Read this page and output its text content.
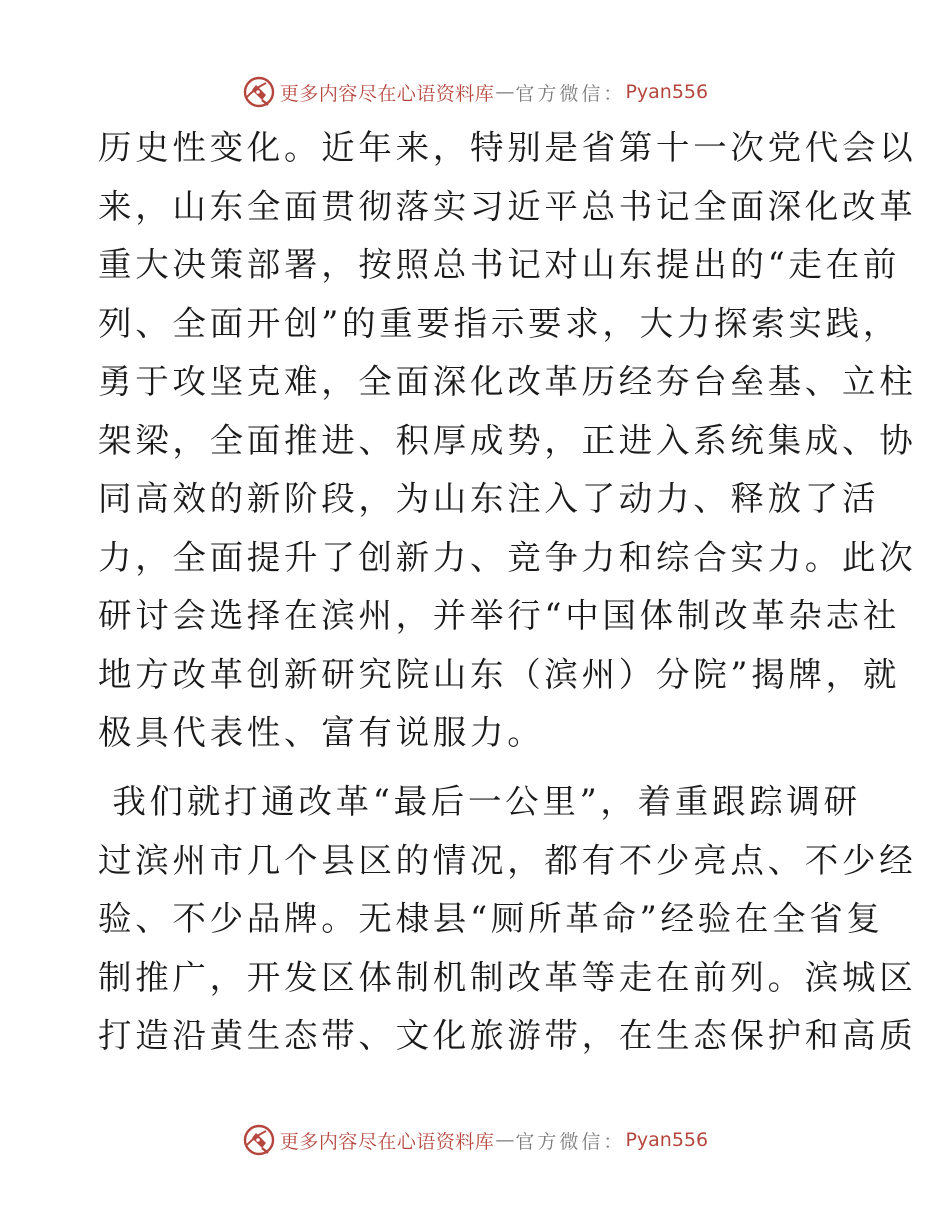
更多内容尽在心语资料库 — 官方微信： Pyan556
历史性变化。近年来，特别是省第十一次党代会以
来，山东全面贯彻落实习近平总书记全面深化改革
重大决策部署，按照总书记对山东提出的“走在前
列、全面开创”的重要指示要求，大力探索实践，
勇于攻坚克难，全面深化改革历经夯台垒基、立柱
架梁，全面推进、积厚成势，正进入系统集成、协
同高效的新阶段，为山东注入了动力、释放了活
力，全面提升了创新力、竞争力和综合实力。此次
研讨会选择在滨州，并举行“中国体制改革杂志社
地方改革创新研究院山东（滨州）分院”揭牌，就
极具代表性、富有说服力。
我们就打通改革“最后一公里”，着重跟踪调研
过滨州市几个县区的情况，都有不少亮点、不少经
验、不少品牌。无棣县“厕所革命”经验在全省复
制推广，开发区体制机制改革等走在前列。滨城区
打造沿黄生态带、文化旅游带，在生态保护和高质
更多内容尽在心语资料库 — 官方微信： Pyan556
